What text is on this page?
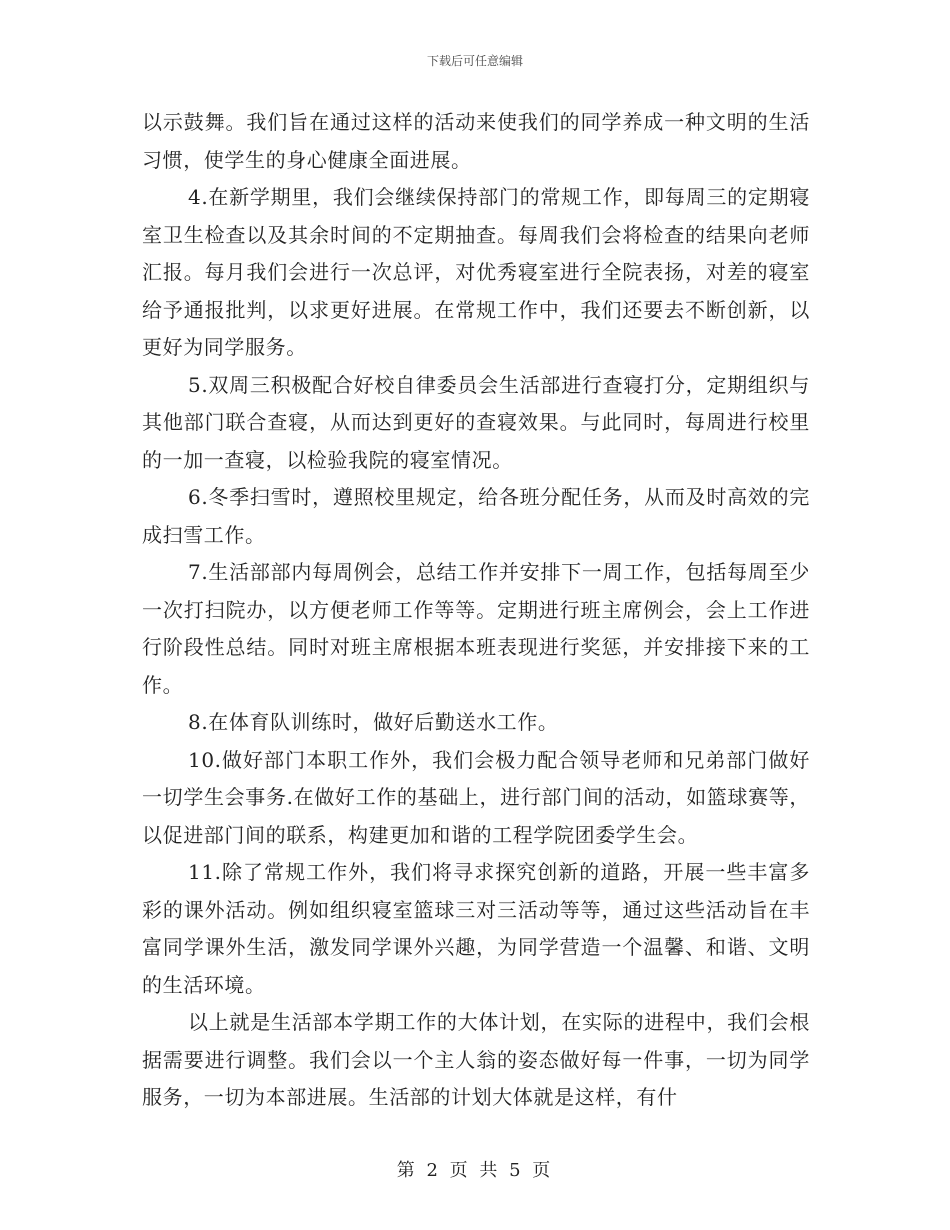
下载后可任意编辑

以示鼓舞。我们旨在通过这样的活动来使我们的同学养成一种文明的生活习惯，使学生的身心健康全面进展。

4.在新学期里，我们会继续保持部门的常规工作，即每周三的定期寝室卫生检查以及其余时间的不定期抽查。每周我们会将检查的结果向老师汇报。每月我们会进行一次总评，对优秀寝室进行全院表扬，对差的寝室给予通报批判，以求更好进展。在常规工作中，我们还要去不断创新，以更好为同学服务。

5.双周三积极配合好校自律委员会生活部进行查寝打分，定期组织与其他部门联合查寝，从而达到更好的查寝效果。与此同时，每周进行校里的一加一查寝，以检验我院的寝室情况。

6.冬季扫雪时，遵照校里规定，给各班分配任务，从而及时高效的完成扫雪工作。

7.生活部部内每周例会，总结工作并安排下一周工作，包括每周至少一次打扫院办，以方便老师工作等等。定期进行班主席例会，会上工作进行阶段性总结。同时对班主席根据本班表现进行奖惩，并安排接下来的工作。

8.在体育队训练时，做好后勤送水工作。

10.做好部门本职工作外，我们会极力配合领导老师和兄弟部门做好一切学生会事务.在做好工作的基础上，进行部门间的活动，如篮球赛等，以促进部门间的联系，构建更加和谐的工程学院团委学生会。

11.除了常规工作外，我们将寻求探究创新的道路，开展一些丰富多彩的课外活动。例如组织寝室篮球三对三活动等等，通过这些活动旨在丰富同学课外生活，激发同学课外兴趣，为同学营造一个温馨、和谐、文明的生活环境。

以上就是生活部本学期工作的大体计划，在实际的进程中，我们会根据需要进行调整。我们会以一个主人翁的姿态做好每一件事，一切为同学服务，一切为本部进展。生活部的计划大体就是这样，有什

第 2 页 共 5 页
